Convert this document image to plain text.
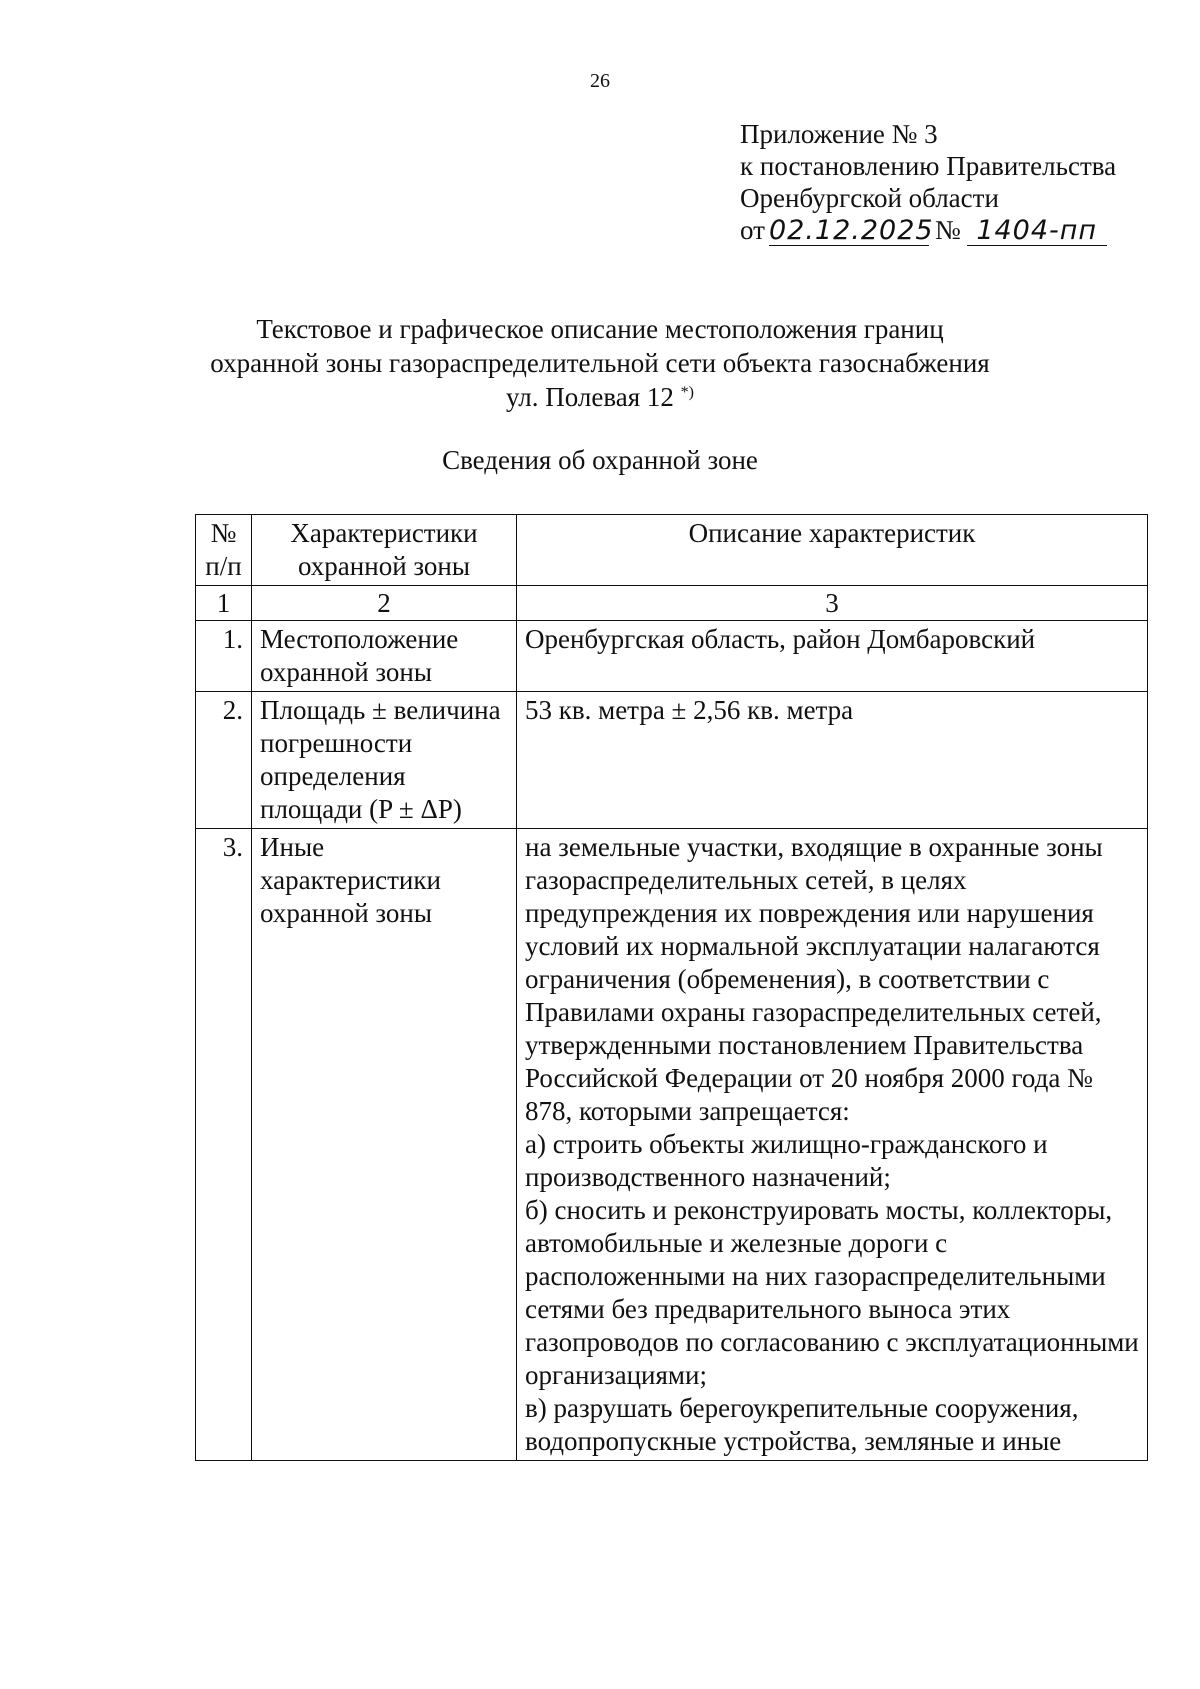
26
Приложение № 3
к постановлению Правительства
Оренбургской области
от 02.12.2025№ 1404-пп
Текстовое и графическое описание местоположения границ
охранной зоны газораспределительной сети объекта газоснабжения
ул. Полевая 12 *)
Сведения об охранной зоне
№ п/п	Характеристики охранной зоны	Описание характеристик
1	2	3
1.	Местоположение охранной зоны	Оренбургская область, район Домбаровский
2.	Площадь ± величина погрешности определения площади (P ± ΔP)	53 кв. метра ± 2,56 кв. метра
3.	Иные характеристики охранной зоны	на земельные участки, входящие в охранные зоны газораспределительных сетей, в целях предупреждения их повреждения или нарушения условий их нормальной эксплуатации налагаются ограничения (обременения), в соответствии с Правилами охраны газораспределительных сетей, утвержденными постановлением Правительства Российской Федерации от 20 ноября 2000 года № 878, которыми запрещается:
а) строить объекты жилищно-гражданского и производственного назначений;
б) сносить и реконструировать мосты, коллекторы, автомобильные и железные дороги с расположенными на них газораспределительными сетями без предварительного выноса этих газопроводов по согласованию с эксплуатационными организациями;
в) разрушать берегоукрепительные сооружения, водопропускные устройства, земляные и иные
